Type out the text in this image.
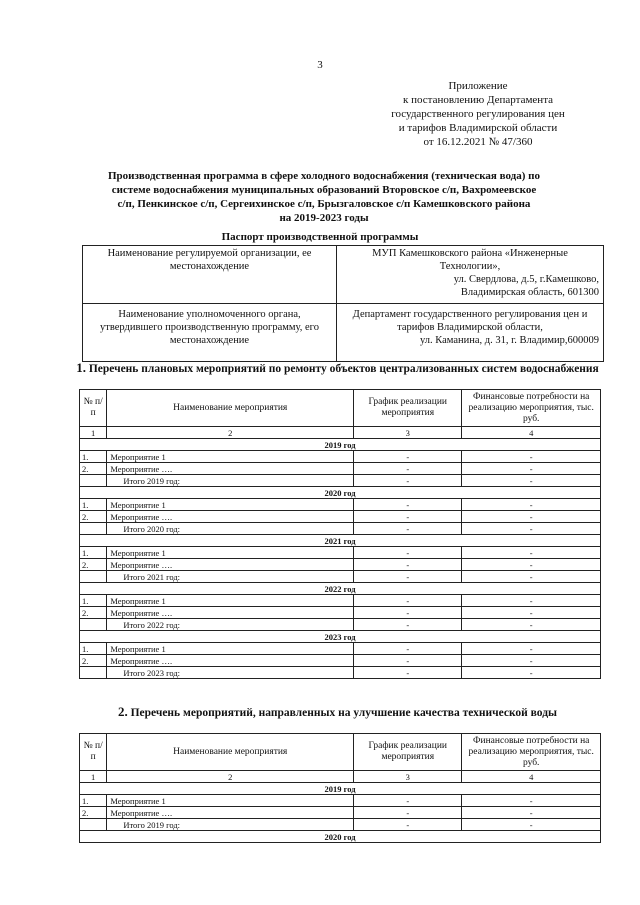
3
Приложение
к постановлению Департамента
государственного регулирования цен
и тарифов Владимирской области
от 16.12.2021 № 47/360
Производственная программа в сфере холодного водоснабжения (техническая вода) по
системе водоснабжения муниципальных образований Второвское с/п, Вахромеевское
с/п, Пенкинское с/п, Сергеихинское с/п, Брызгаловское с/п Камешковского района
на 2019-2023 годы
Паспорт производственной программы
Наименование регулируемой организации, ее местонахождение	МУП Камешковского района «Инженерные Технологии»,
ул. Свердлова, д.5, г.Камешково,
Владимирская область, 601300

Наименование уполномоченного органа, утвердившего производственную программу, его местонахождение	Департамент государственного регулирования цен и тарифов Владимирской области,
ул. Каманина, д. 31, г. Владимир,600009
1. Перечень плановых мероприятий по ремонту объектов централизованных систем водоснабжения
№ п/п	Наименование мероприятия	График реализации мероприятия	Финансовые потребности на реализацию мероприятия, тыс. руб.
1	2	3	4
2019 год			
1.	Мероприятие 1	-	-
2.	Мероприятие ….	-	-
	Итого 2019 год:	-	-
2020 год			
1.	Мероприятие 1	-	-
2.	Мероприятие ….	-	-
	Итого 2020 год:	-	-
2021 год			
1.	Мероприятие 1	-	-
2.	Мероприятие ….	-	-
	Итого 2021 год:	-	-
2022 год			
1.	Мероприятие 1	-	-
2.	Мероприятие ….	-	-
	Итого 2022 год:	-	-
2023 год			
1.	Мероприятие 1	-	-
2.	Мероприятие ….	-	-
	Итого 2023 год:	-	-
2. Перечень мероприятий, направленных на улучшение качества технической воды
№ п/п	Наименование мероприятия	График реализации мероприятия	Финансовые потребности на реализацию мероприятия, тыс. руб.
1	2	3	4
2019 год			
1.	Мероприятие 1	-	-
2.	Мероприятие ….	-	-
	Итого 2019 год:	-	-
2020 год			
